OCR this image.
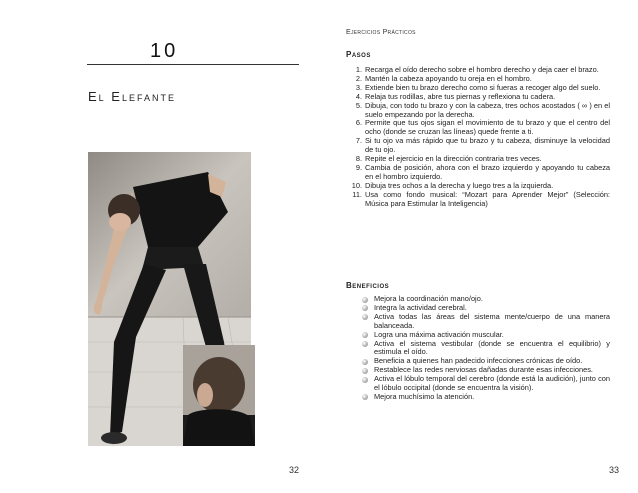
10
El Elefante
32
Ejercicios Prácticos
Pasos
1. Recarga el oído derecho sobre el hombro derecho y deja caer el brazo.
2. Mantén la cabeza apoyando tu oreja en el hombro.
3. Extiende bien tu brazo derecho como si fueras a recoger algo del suelo.
4. Relaja tus rodillas, abre tus piernas y reflexiona tu cadera.
5. Dibuja, con todo tu brazo y con la cabeza, tres ochos acostados ( ∞ ) en el suelo empezando por la derecha.
6. Permite que tus ojos sigan el movimiento de tu brazo y que el centro del ocho (donde se cruzan las líneas) quede frente a ti.
7. Si tu ojo va más rápido que tu brazo y tu cabeza, disminuye la velocidad de tu ojo.
8. Repite el ejercicio en la dirección contraria tres veces.
9. Cambia de posición, ahora con el brazo izquierdo y apoyando tu cabeza en el hombro izquierdo.
10. Dibuja tres ochos a la derecha y luego tres a la izquierda.
11. Usa como fondo musical: “Mozart para Aprender Mejor” (Selección: Música para Estimular la Inteligencia)
Beneficios
Mejora la coordinación mano/ojo.
Integra la actividad cerebral.
Activa todas las áreas del sistema mente/cuerpo de una manera balanceada.
Logra una máxima activación muscular.
Activa el sistema vestibular (donde se encuentra el equilibrio) y estimula el oído.
Beneficia a quienes han padecido infecciones crónicas de oído.
Restablece las redes nerviosas dañadas durante esas infecciones.
Activa el lóbulo temporal del cerebro (donde está la audición), junto con el lóbulo occipital (donde se encuentra la visión).
Mejora muchísimo la atención.
33
